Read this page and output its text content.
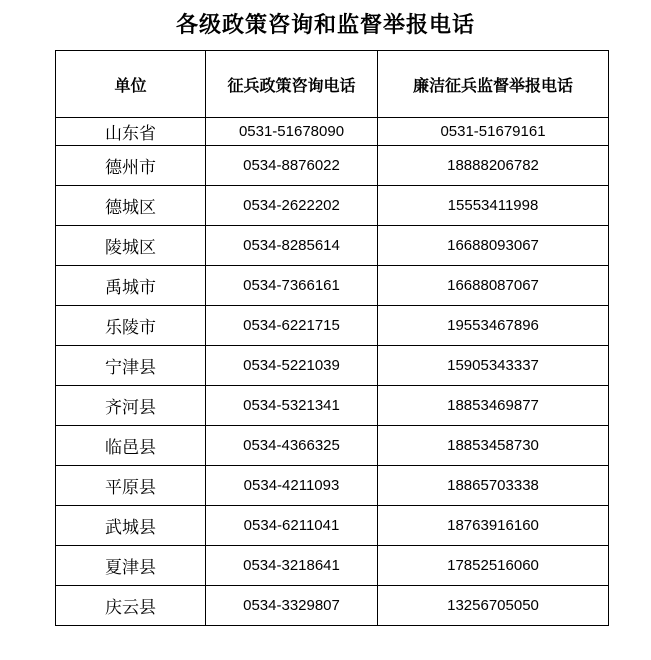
各级政策咨询和监督举报电话
单位	征兵政策咨询电话	廉洁征兵监督举报电话
山东省	0531-51678090	0531-51679161
德州市	0534-8876022	18888206782
德城区	0534-2622202	15553411998
陵城区	0534-8285614	16688093067
禹城市	0534-7366161	16688087067
乐陵市	0534-6221715	19553467896
宁津县	0534-5221039	15905343337
齐河县	0534-5321341	18853469877
临邑县	0534-4366325	18853458730
平原县	0534-4211093	18865703338
武城县	0534-6211041	18763916160
夏津县	0534-3218641	17852516060
庆云县	0534-3329807	13256705050
